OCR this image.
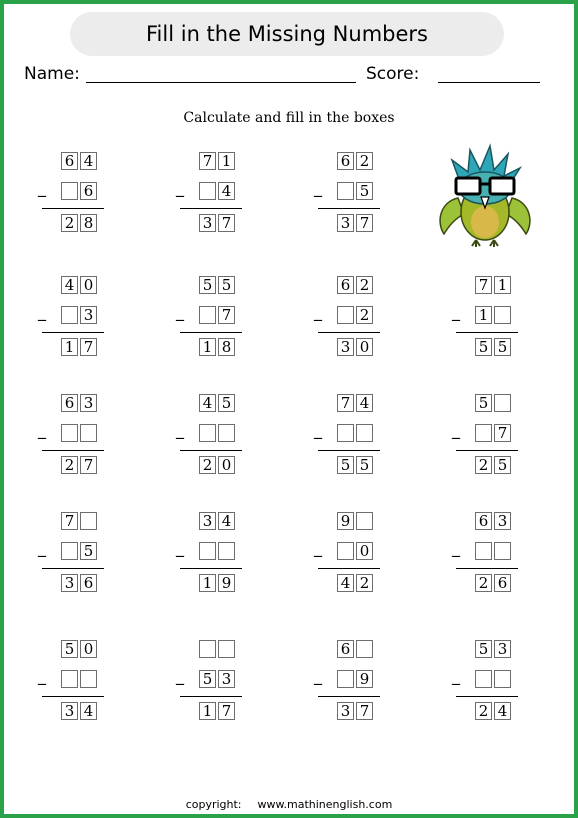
Fill in the Missing Numbers
Name:	Score:
Calculate and fill in the boxes
6 4
6
2 8
_
7 1
4
3 7
_
6 2
5
3 7
_
4 0
3
1 7
_
5 5
7
1 8
_
6 2
2
3 0
_
7 1
1
5 5
_
6 3
2 7
_
4 5
2 0
_
7 4
5 5
_
5
7
2 5
_
7
5
3 6
_
3 4
1 9
_
9
0
4 2
_
6 3
2 6
_
5 0
3 4
_	5 3
1 7
_
6
9
3 7
_
5 3
2 4
_
copyright: www.mathinenglish.com
